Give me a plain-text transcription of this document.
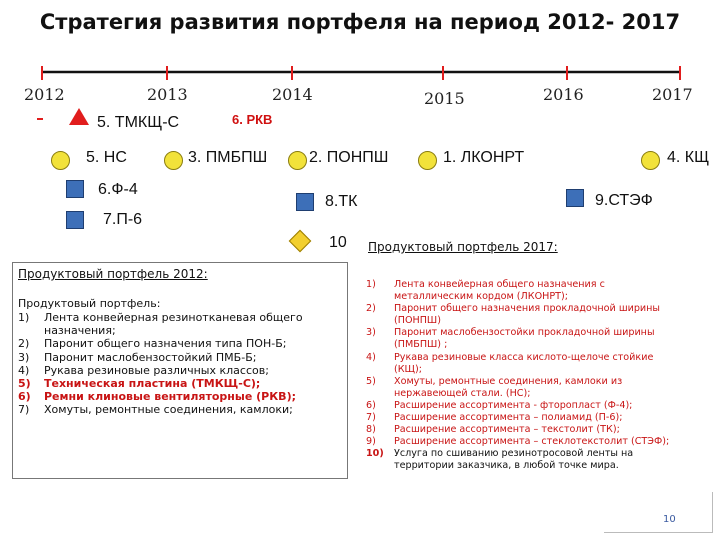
Стратегия развития портфеля на период 2012- 2017
2012	2013	2014	2015	2016	2017
5. ТМКЩ-С	6. РКВ
5. НС	3. ПМБПШ	2. ПОНПШ	1. ЛКОНРТ	4. КЩ
6.Ф-4
7.П-6
8.ТК	9.СТЭФ
10
Продуктовый портфель 2012:
Продуктовый портфель:
1) Лента конвейерная резинотканевая общего
назначения;
2) Паронит общего назначения типа ПОН-Б;
3) Паронит маслобензостойкий ПМБ-Б;
4) Рукава резиновые различных классов;
5) Техническая пластина (ТМКЩ-С);
6) Ремни клиновые вентиляторные (РКВ);
7) Хомуты, ремонтные соединения, камлоки;
Продуктовый портфель 2017:
1) Лента конвейерная общего назначения с
металлическим кордом (ЛКОНРТ);
2) Паронит общего назначения прокладочной ширины
(ПОНПШ)
3) Паронит маслобензостойки прокладочной ширины
(ПМБПШ) ;
4) Рукава резиновые класса кислото-щелоче стойкие
(КЩ);
5) Хомуты, ремонтные соединения, камлоки из
нержавеющей стали. (НС);
6) Расширение ассортимента - фторопласт (Ф-4);
7) Расширение ассортимента – полиамид (П-6);
8) Расширение ассортимента – текстолит (ТК);
9) Расширение ассортимента – стеклотекстолит (СТЭФ);
10) Услуга по сшиванию резинотросовой ленты на
территории заказчика, в любой точке мира.
10
